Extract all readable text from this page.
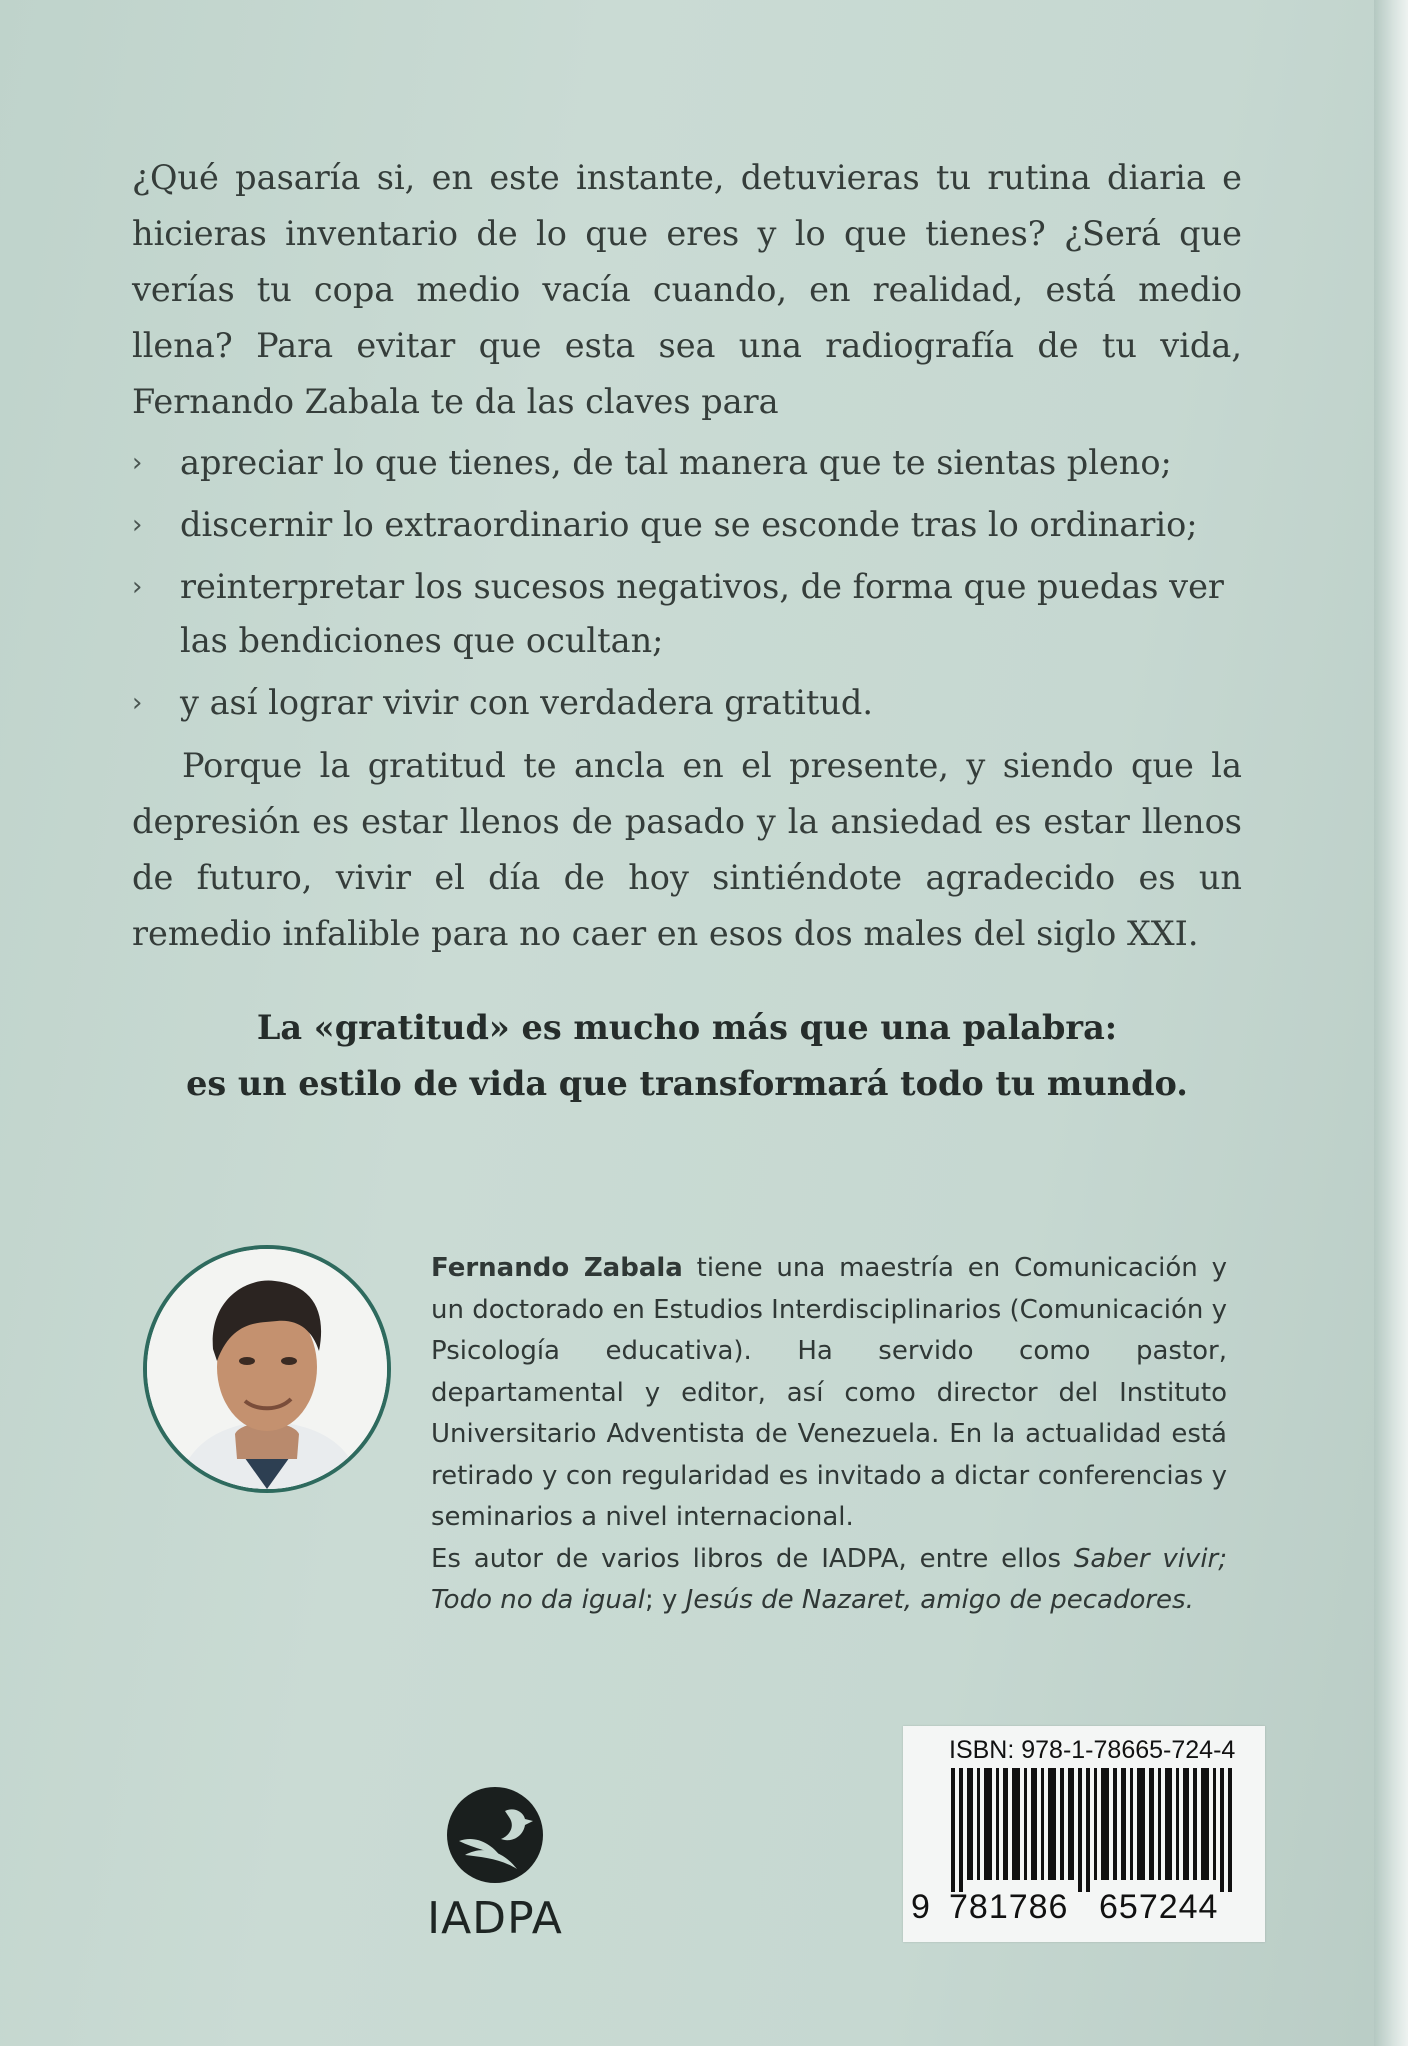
¿Qué pasaría si, en este instante, detuvieras tu rutina diaria e hicieras inventario de lo que eres y lo que tienes? ¿Será que verías tu copa medio vacía cuando, en realidad, está medio llena? Para evitar que esta sea una radiografía de tu vida, Fernando Zabala te da las claves para

› apreciar lo que tienes, de tal manera que te sientas pleno;
› discernir lo extraordinario que se esconde tras lo ordinario;
› reinterpretar los sucesos negativos, de forma que puedas ver las bendiciones que ocultan;
› y así lograr vivir con verdadera gratitud.

Porque la gratitud te ancla en el presente, y siendo que la depresión es estar llenos de pasado y la ansiedad es estar llenos de futuro, vivir el día de hoy sintiéndote agradecido es un remedio infalible para no caer en esos dos males del siglo XXI.

La «gratitud» es mucho más que una palabra:
es un estilo de vida que transformará todo tu mundo.

Fernando Zabala tiene una maestría en Comunicación y un doctorado en Estudios Interdisciplinarios (Comunicación y Psicología educativa). Ha servido como pastor, departamental y editor, así como director del Instituto Universitario Adventista de Venezuela. En la actualidad está retirado y con regularidad es invitado a dictar conferencias y seminarios a nivel internacional.

Es autor de varios libros de IADPA, entre ellos Saber vivir; Todo no da igual; y Jesús de Nazaret, amigo de pecadores.

IADPA
ISBN: 978-1-78665-724-4
9 781786 657244
